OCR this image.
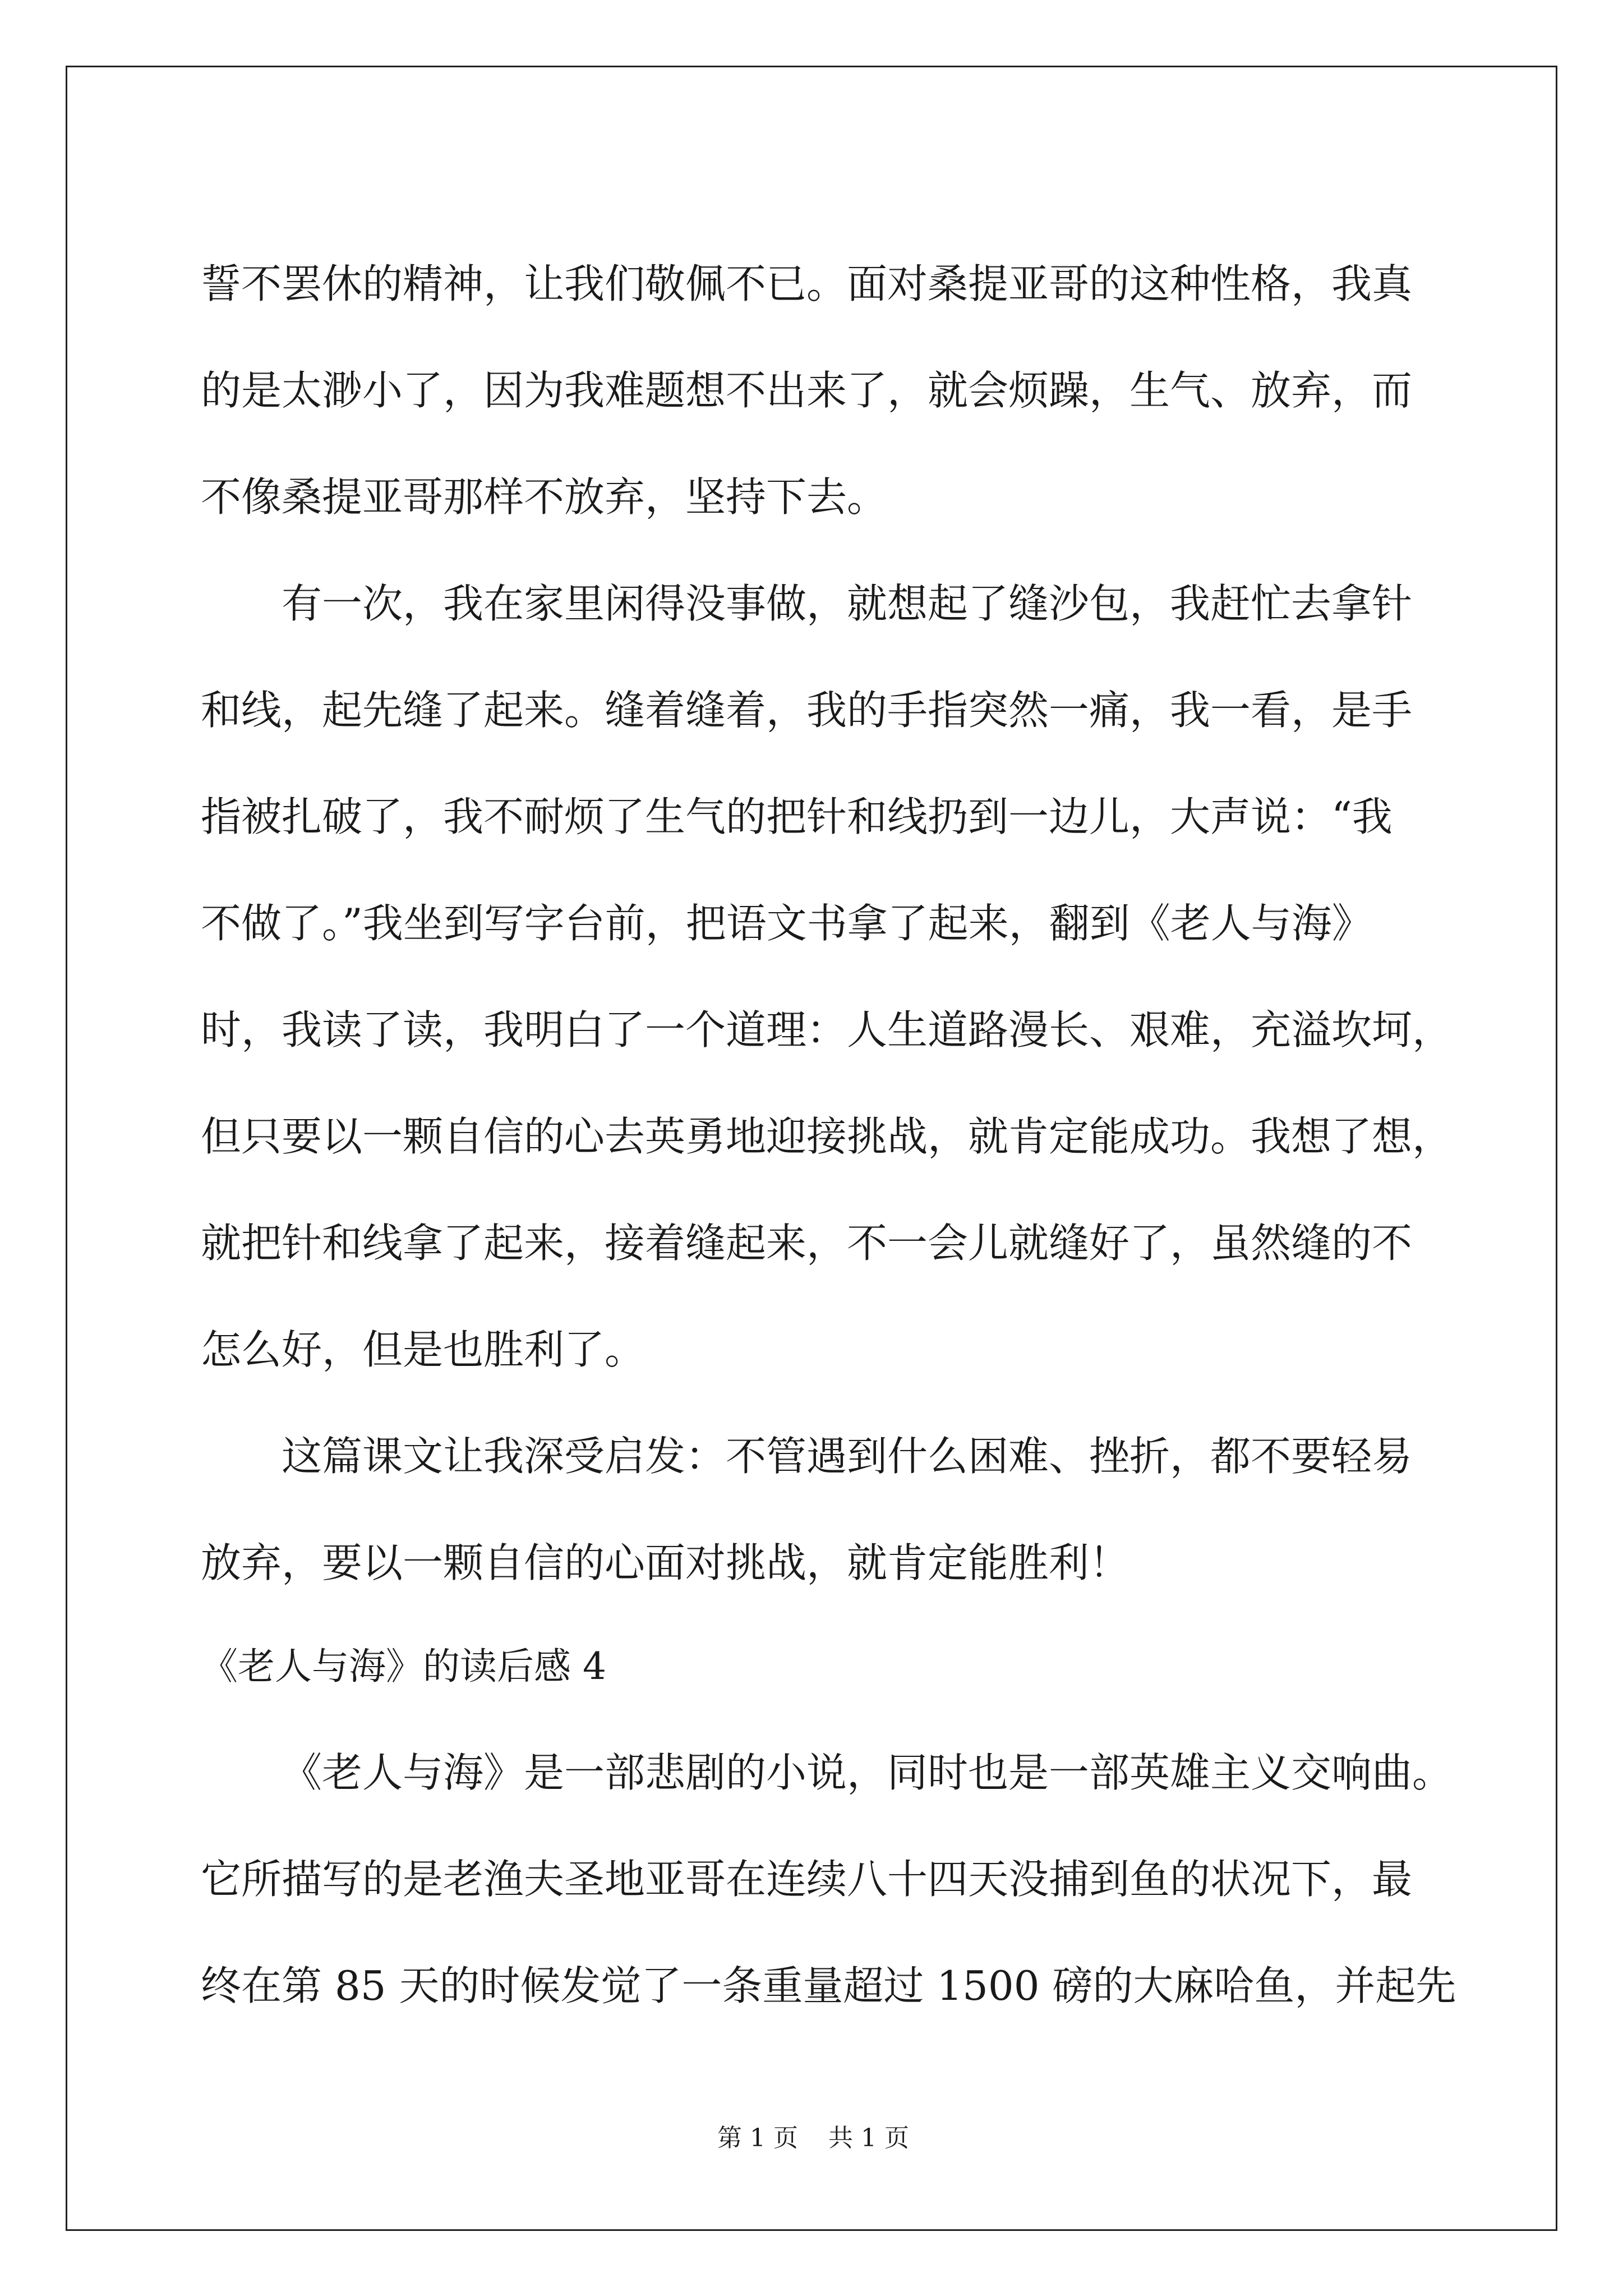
誓不罢休的精神，让我们敬佩不已。面对桑提亚哥的这种性格，我真
的是太渺小了，因为我难题想不出来了，就会烦躁，生气、放弃，而
不像桑提亚哥那样不放弃，坚持下去。
有一次，我在家里闲得没事做，就想起了缝沙包，我赶忙去拿针
和线，起先缝了起来。缝着缝着，我的手指突然一痛，我一看，是手
指被扎破了，我不耐烦了生气的把针和线扔到一边儿，大声说：“我
不做了。”我坐到写字台前，把语文书拿了起来，翻到《老人与海》
时，我读了读，我明白了一个道理：人生道路漫长、艰难，充溢坎坷，
但只要以一颗自信的心去英勇地迎接挑战，就肯定能成功。我想了想，
就把针和线拿了起来，接着缝起来，不一会儿就缝好了，虽然缝的不
怎么好，但是也胜利了。
这篇课文让我深受启发：不管遇到什么困难、挫折，都不要轻易
放弃，要以一颗自信的心面对挑战，就肯定能胜利！
《老人与海》的读后感 4
《老人与海》是一部悲剧的小说，同时也是一部英雄主义交响曲。
它所描写的是老渔夫圣地亚哥在连续八十四天没捕到鱼的状况下，最
终在第 85 天的时候发觉了一条重量超过 1500 磅的大麻哈鱼，并起先
第 1 页 共 1 页
